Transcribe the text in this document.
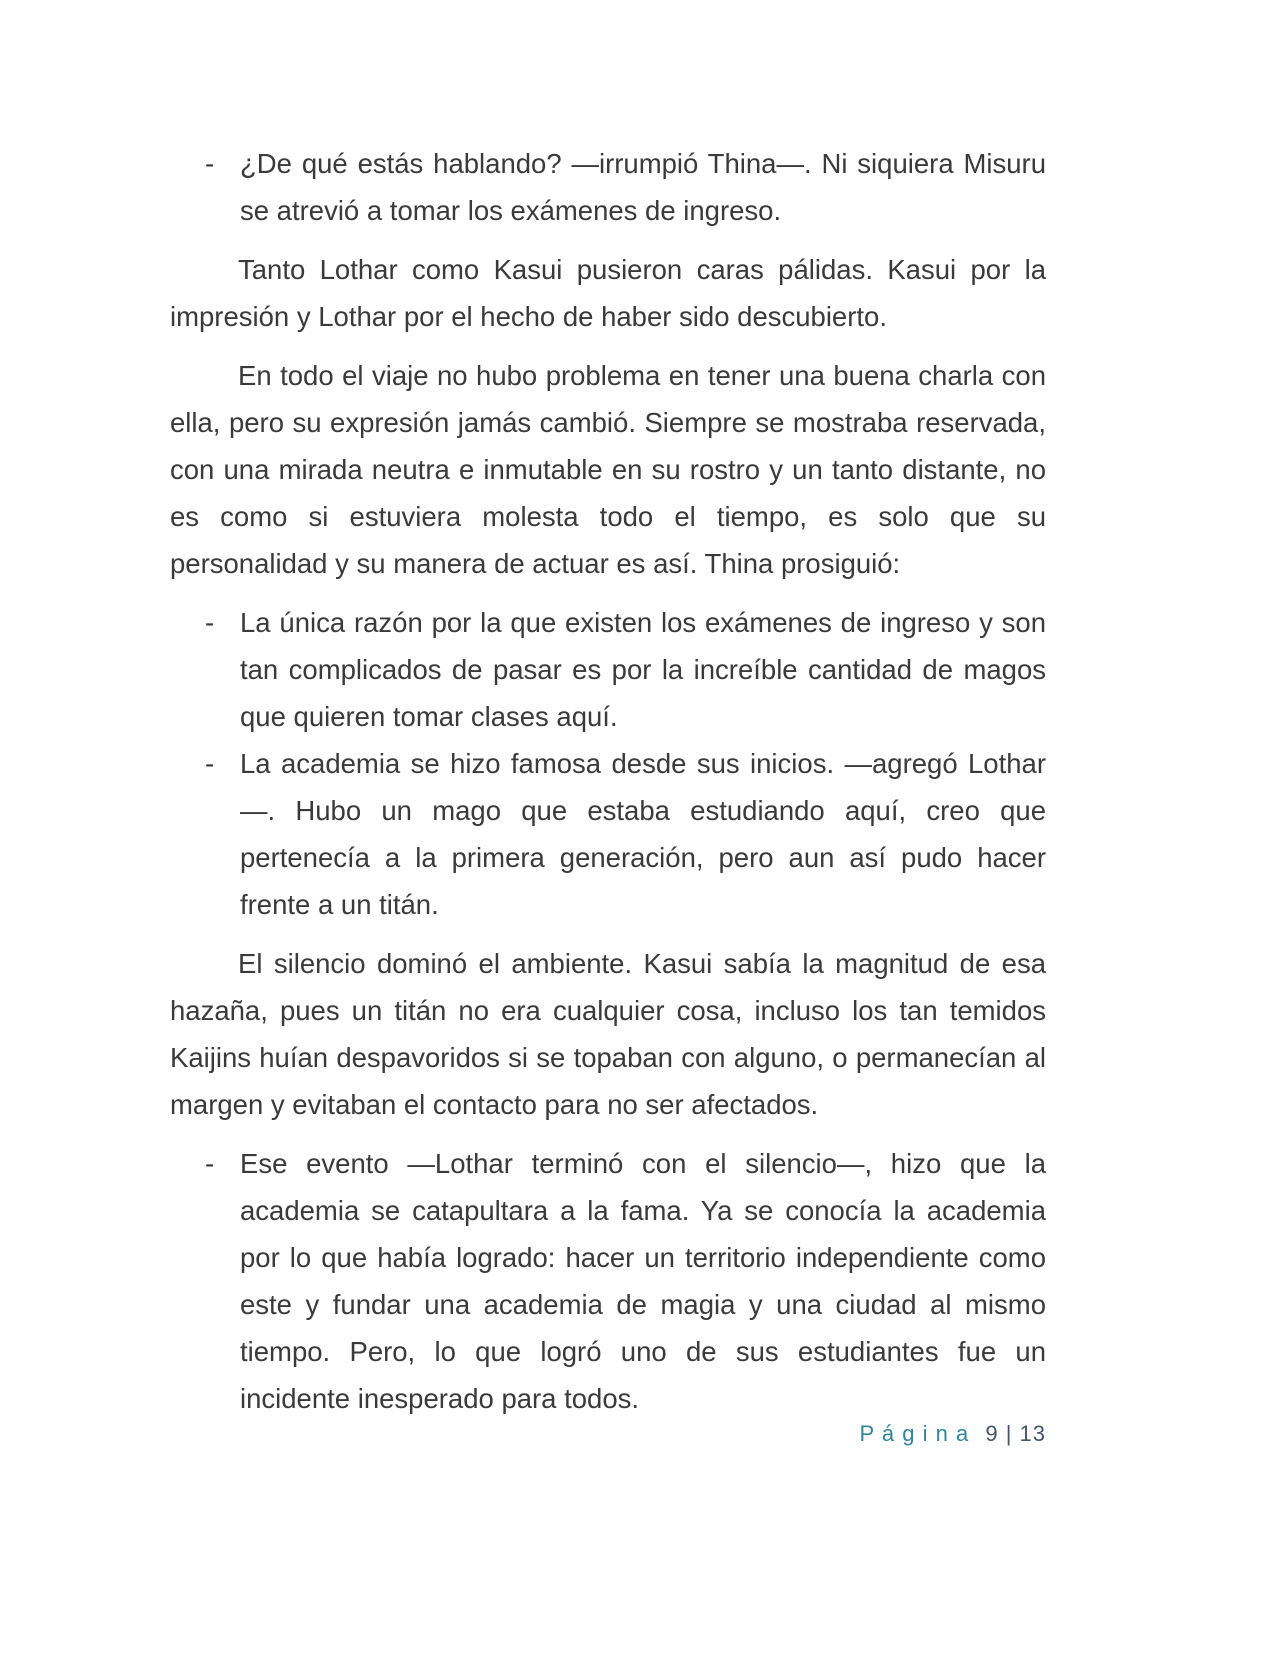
- ¿De qué estás hablando? —irrumpió Thina—. Ni siquiera Misuru se atrevió a tomar los exámenes de ingreso.

Tanto Lothar como Kasui pusieron caras pálidas. Kasui por la impresión y Lothar por el hecho de haber sido descubierto.

En todo el viaje no hubo problema en tener una buena charla con ella, pero su expresión jamás cambió. Siempre se mostraba reservada, con una mirada neutra e inmutable en su rostro y un tanto distante, no es como si estuviera molesta todo el tiempo, es solo que su personalidad y su manera de actuar es así. Thina prosiguió:

- La única razón por la que existen los exámenes de ingreso y son tan complicados de pasar es por la increíble cantidad de magos que quieren tomar clases aquí.
- La academia se hizo famosa desde sus inicios. —agregó Lothar—. Hubo un mago que estaba estudiando aquí, creo que pertenecía a la primera generación, pero aun así pudo hacer frente a un titán.

El silencio dominó el ambiente. Kasui sabía la magnitud de esa hazaña, pues un titán no era cualquier cosa, incluso los tan temidos Kaijins huían despavoridos si se topaban con alguno, o permanecían al margen y evitaban el contacto para no ser afectados.

- Ese evento —Lothar terminó con el silencio—, hizo que la academia se catapultara a la fama. Ya se conocía la academia por lo que había logrado: hacer un territorio independiente como este y fundar una academia de magia y una ciudad al mismo tiempo. Pero, lo que logró uno de sus estudiantes fue un incidente inesperado para todos.
P á g i n a 9 | 13
